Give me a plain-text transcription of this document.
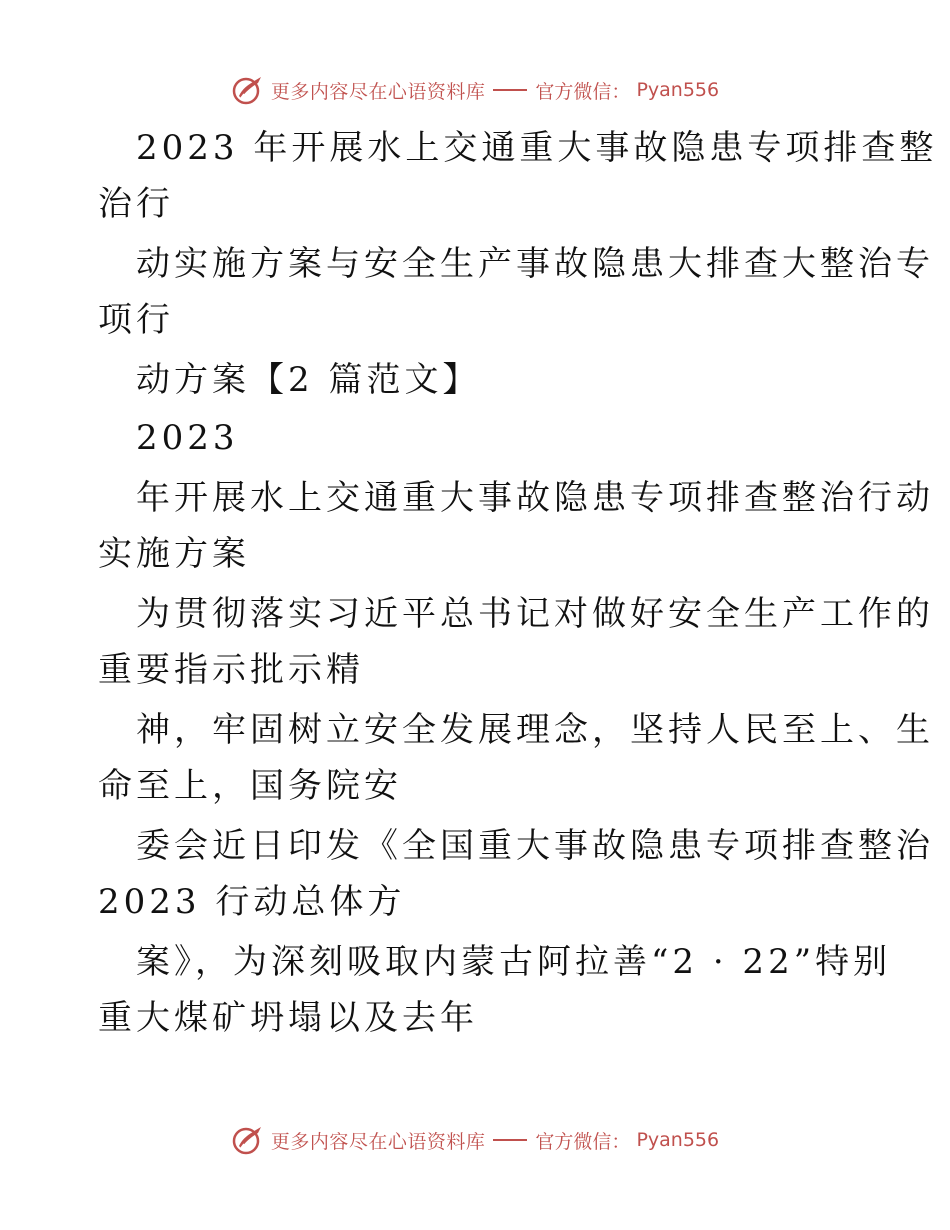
更多内容尽在心语资料库	官方微信： Pyan556
2023 年开展水上交通重大事故隐患专项排查整
治行
动实施方案与安全生产事故隐患大排查大整治专
项行
动方案【2 篇范文】
2023
年开展水上交通重大事故隐患专项排查整治行动
实施方案
为贯彻落实习近平总书记对做好安全生产工作的
重要指示批示精
神，牢固树立安全发展理念，坚持人民至上、生
命至上，国务院安
委会近日印发《全国重大事故隐患专项排查整治
2023 行动总体方
案》，为深刻吸取内蒙古阿拉善“2 · 22”特别
重大煤矿坍塌以及去年
更多内容尽在心语资料库	官方微信： Pyan556
